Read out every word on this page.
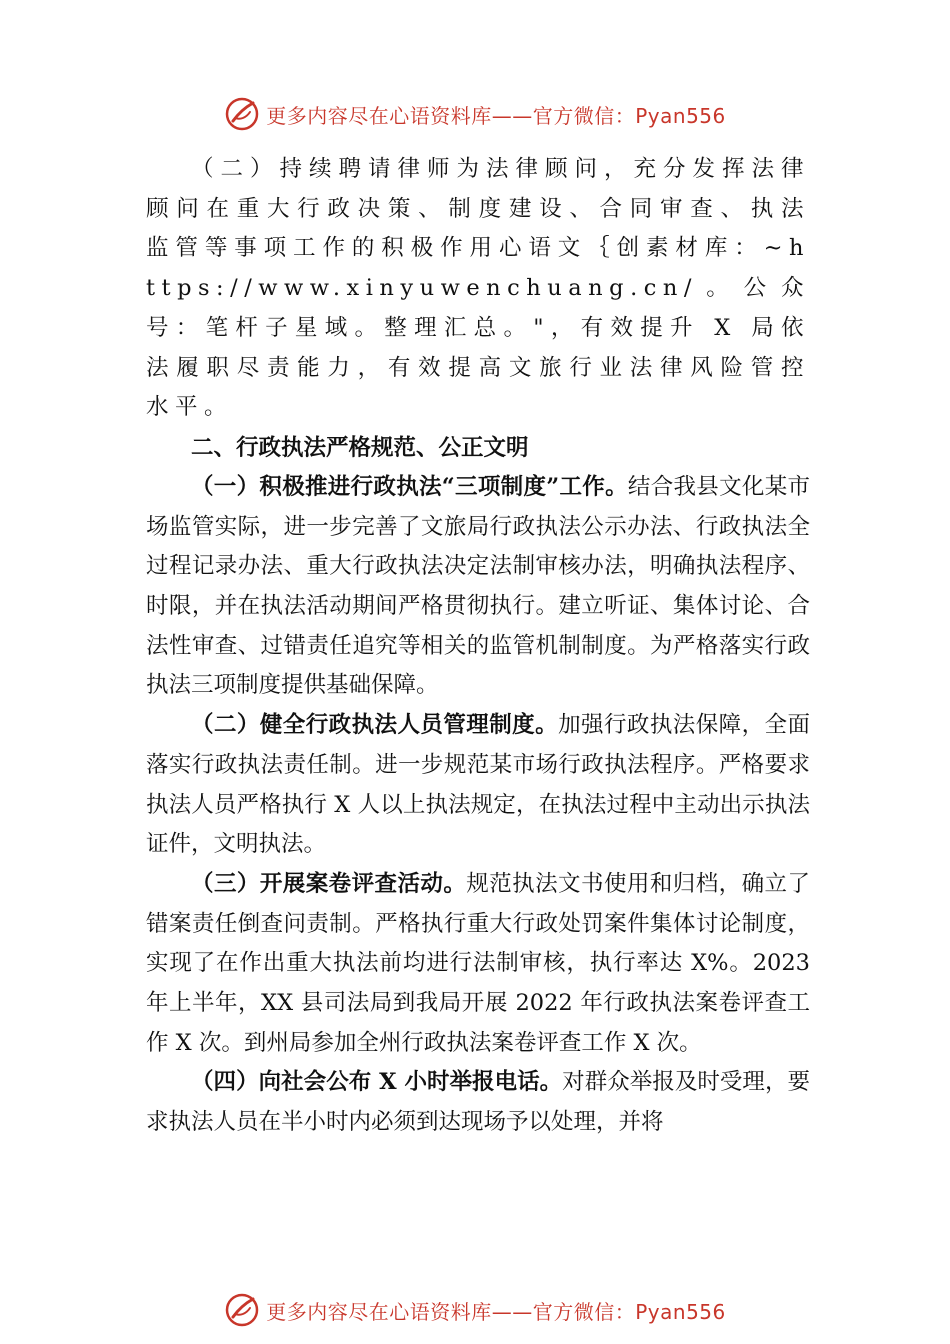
更多内容尽在心语资料库——官方微信：Pyan556

（二）持续聘请律师为法律顾问，充分发挥法律顾问在重大行政决策、制度建设、合同审查、执法监管等事项工作的积极作用心语文｛创素材库：~https://www.xinyuwenchuang.cn/。公众号：笔杆子星域。整理汇总。"，有效提升 X 局依法履职尽责能力，有效提高文旅行业法律风险管控水平。

二、行政执法严格规范、公正文明

（一）积极推进行政执法“三项制度”工作。结合我县文化某市场监管实际，进一步完善了文旅局行政执法公示办法、行政执法全过程记录办法、重大行政执法决定法制审核办法，明确执法程序、时限，并在执法活动期间严格贯彻执行。建立听证、集体讨论、合法性审查、过错责任追究等相关的监管机制制度。为严格落实行政执法三项制度提供基础保障。

（二）健全行政执法人员管理制度。加强行政执法保障，全面落实行政执法责任制。进一步规范某市场行政执法程序。严格要求执法人员严格执行 X 人以上执法规定，在执法过程中主动出示执法证件，文明执法。

（三）开展案卷评查活动。规范执法文书使用和归档，确立了错案责任倒查问责制。严格执行重大行政处罚案件集体讨论制度，实现了在作出重大执法前均进行法制审核，执行率达 X%。2023 年上半年，XX 县司法局到我局开展 2022 年行政执法案卷评查工作 X 次。到州局参加全州行政执法案卷评查工作 X 次。

（四）向社会公布 X 小时举报电话。对群众举报及时受理，要求执法人员在半小时内必须到达现场予以处理，并将

更多内容尽在心语资料库——官方微信：Pyan556
